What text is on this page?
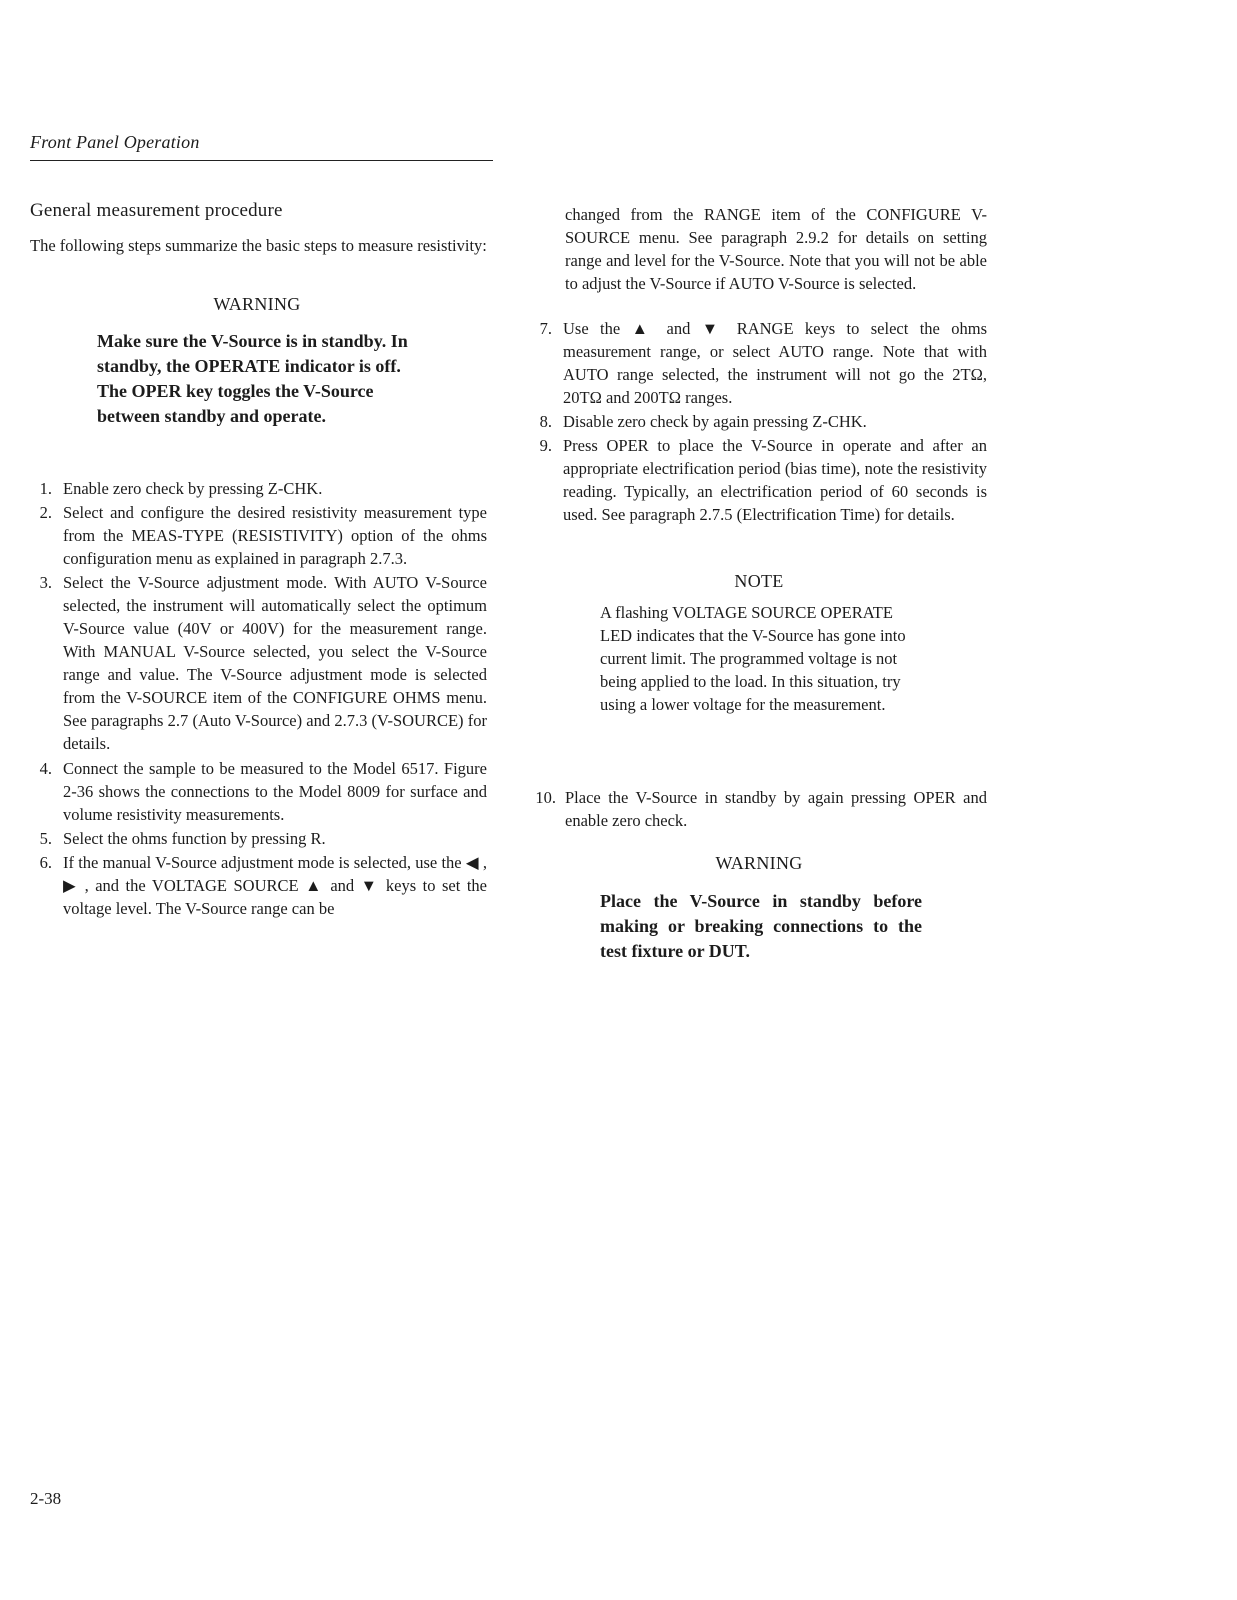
Front Panel Operation
General measurement procedure
The following steps summarize the basic steps to measure resistivity:
WARNING
Make sure the V-Source is in standby. In standby, the OPERATE indicator is off. The OPER key toggles the V-Source between standby and operate.
1. Enable zero check by pressing Z-CHK.
2. Select and configure the desired resistivity measurement type from the MEAS-TYPE (RESISTIVITY) option of the ohms configuration menu as explained in paragraph 2.7.3.
3. Select the V-Source adjustment mode. With AUTO V-Source selected, the instrument will automatically select the optimum V-Source value (40V or 400V) for the measurement range. With MANUAL V-Source selected, you select the V-Source range and value. The V-Source adjustment mode is selected from the V-SOURCE item of the CONFIGURE OHMS menu. See paragraphs 2.7 (Auto V-Source) and 2.7.3 (V-SOURCE) for details.
4. Connect the sample to be measured to the Model 6517. Figure 2-36 shows the connections to the Model 8009 for surface and volume resistivity measurements.
5. Select the ohms function by pressing R.
6. If the manual V-Source adjustment mode is selected, use the ◀ , ▶ , and the VOLTAGE SOURCE ▲ and ▼ keys to set the voltage level. The V-Source range can be
changed from the RANGE item of the CONFIGURE V-SOURCE menu. See paragraph 2.9.2 for details on setting range and level for the V-Source. Note that you will not be able to adjust the V-Source if AUTO V-Source is selected.
7. Use the ▲ and ▼ RANGE keys to select the ohms measurement range, or select AUTO range. Note that with AUTO range selected, the instrument will not go the 2TΩ, 20TΩ and 200TΩ ranges.
8. Disable zero check by again pressing Z-CHK.
9. Press OPER to place the V-Source in operate and after an appropriate electrification period (bias time), note the resistivity reading. Typically, an electrification period of 60 seconds is used. See paragraph 2.7.5 (Electrification Time) for details.
NOTE
A flashing VOLTAGE SOURCE OPERATE LED indicates that the V-Source has gone into current limit. The programmed voltage is not being applied to the load. In this situation, try using a lower voltage for the measurement.
10. Place the V-Source in standby by again pressing OPER and enable zero check.
WARNING
Place the V-Source in standby before making or breaking connections to the test fixture or DUT.
2-38
